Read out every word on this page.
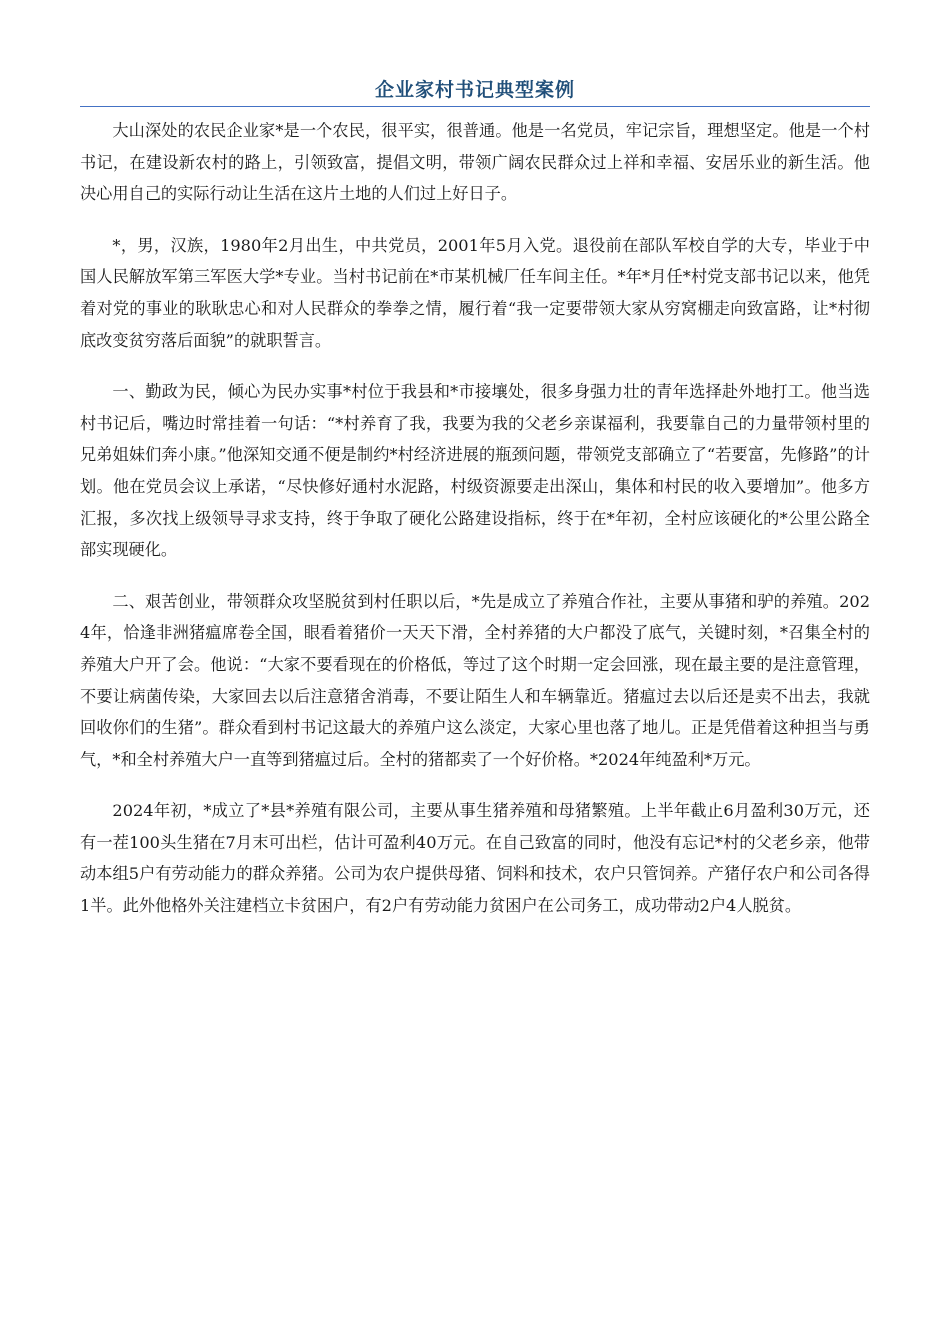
企业家村书记典型案例

大山深处的农民企业家*是一个农民，很平实，很普通。他是一名党员，牢记宗旨，理想坚定。他是一个村书记，在建设新农村的路上，引领致富，提倡文明，带领广阔农民群众过上祥和幸福、安居乐业的新生活。他决心用自己的实际行动让生活在这片土地的人们过上好日子。

*，男，汉族，1980年2月出生，中共党员，2001年5月入党。退役前在部队军校自学的大专，毕业于中国人民解放军第三军医大学*专业。当村书记前在*市某机械厂任车间主任。*年*月任*村党支部书记以来，他凭着对党的事业的耿耿忠心和对人民群众的拳拳之情，履行着“我一定要带领大家从穷窝棚走向致富路，让*村彻底改变贫穷落后面貌”的就职誓言。

一、勤政为民，倾心为民办实事*村位于我县和*市接壤处，很多身强力壮的青年选择赴外地打工。他当选村书记后，嘴边时常挂着一句话：“*村养育了我，我要为我的父老乡亲谋福利，我要靠自己的力量带领村里的兄弟姐妹们奔小康。”他深知交通不便是制约*村经济进展的瓶颈问题，带领党支部确立了“若要富，先修路”的计划。他在党员会议上承诺，“尽快修好通村水泥路，村级资源要走出深山，集体和村民的收入要增加”。他多方汇报，多次找上级领导寻求支持，终于争取了硬化公路建设指标，终于在*年初，全村应该硬化的*公里公路全部实现硬化。

二、艰苦创业，带领群众攻坚脱贫到村任职以后，*先是成立了养殖合作社，主要从事猪和驴的养殖。2024年，恰逢非洲猪瘟席卷全国，眼看着猪价一天天下滑，全村养猪的大户都没了底气，关键时刻，*召集全村的养殖大户开了会。他说：“大家不要看现在的价格低，等过了这个时期一定会回涨，现在最主要的是注意管理，不要让病菌传染，大家回去以后注意猪舍消毒，不要让陌生人和车辆靠近。猪瘟过去以后还是卖不出去，我就回收你们的生猪”。群众看到村书记这最大的养殖户这么淡定，大家心里也落了地儿。正是凭借着这种担当与勇气，*和全村养殖大户一直等到猪瘟过后。全村的猪都卖了一个好价格。*2024年纯盈利*万元。

2024年初，*成立了*县*养殖有限公司，主要从事生猪养殖和母猪繁殖。上半年截止6月盈利30万元，还有一茬100头生猪在7月末可出栏，估计可盈利40万元。在自己致富的同时，他没有忘记*村的父老乡亲，他带动本组5户有劳动能力的群众养猪。公司为农户提供母猪、饲料和技术，农户只管饲养。产猪仔农户和公司各得1半。此外他格外关注建档立卡贫困户，有2户有劳动能力贫困户在公司务工，成功带动2户4人脱贫。
